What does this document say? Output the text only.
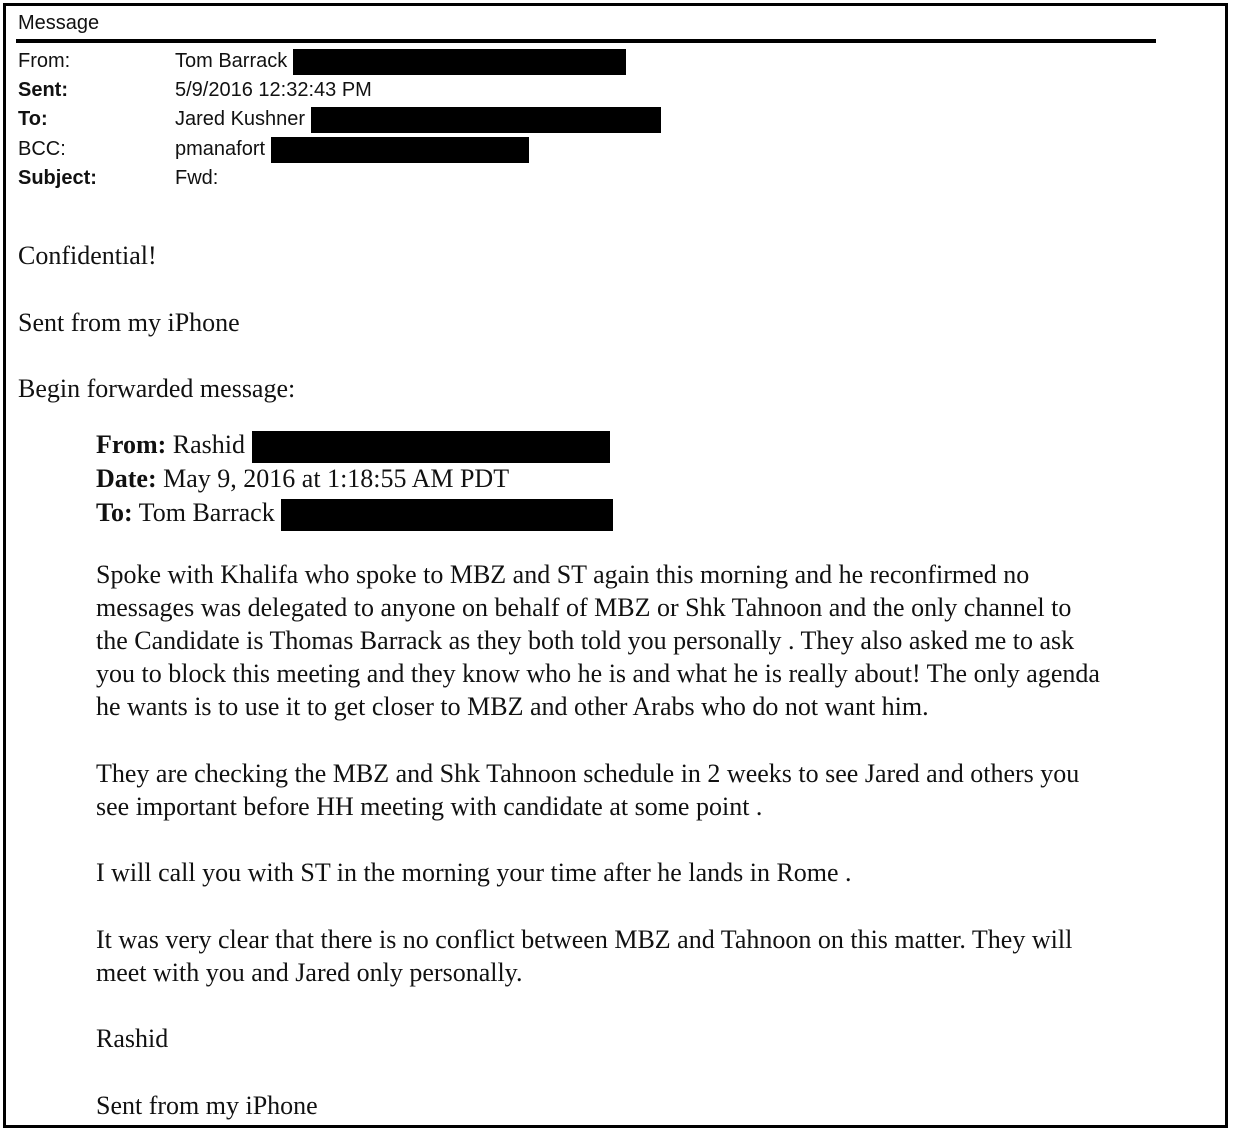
Message
From:	Tom Barrack
Sent:	5/9/2016 12:32:43 PM
To:	Jared Kushner
BCC:	pmanafort
Subject:	Fwd:

Confidential!

Sent from my iPhone

Begin forwarded message:

From: Rashid
Date: May 9, 2016 at 1:18:55 AM PDT
To: Tom Barrack

Spoke with Khalifa who spoke to MBZ and ST again this morning and he reconfirmed no

messages was delegated to anyone on behalf of MBZ or Shk Tahnoon and the only channel to

the Candidate is Thomas Barrack as they both told you personally . They also asked me to ask

you to block this meeting and they know who he is and what he is really about! The only agenda

he wants is to use it to get closer to MBZ and other Arabs who do not want him.

They are checking the MBZ and Shk Tahnoon schedule in 2 weeks to see Jared and others you

see important before HH meeting with candidate at some point .

I will call you with ST in the morning your time after he lands in Rome .

It was very clear that there is no conflict between MBZ and Tahnoon on this matter. They will

meet with you and Jared only personally.

Rashid

Sent from my iPhone
